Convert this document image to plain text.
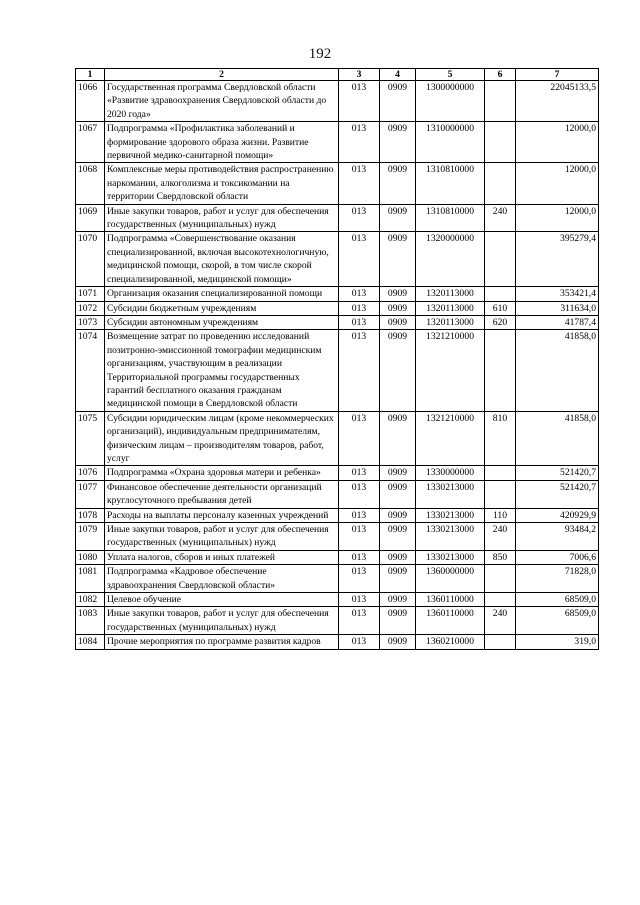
192
1	2	3	4	5	6	7
1066	Государственная программа Свердловской области «Развитие здравоохранения Свердловской области до 2020 года»	013	0909	1300000000		22045133,5
1067	Подпрограмма «Профилактика заболеваний и формирование здорового образа жизни. Развитие первичной медико-санитарной помощи»	013	0909	1310000000		12000,0
1068	Комплексные меры противодействия распространению наркомании, алкоголизма и токсикомании на территории Свердловской области	013	0909	1310810000		12000,0
1069	Иные закупки товаров, работ и услуг для обеспечения государственных (муниципальных) нужд	013	0909	1310810000	240	12000,0
1070	Подпрограмма «Совершенствование оказания специализированной, включая высокотехнологичную, медицинской помощи, скорой, в том числе скорой специализированной, медицинской помощи»	013	0909	1320000000		395279,4
1071	Организация оказания специализированной помощи	013	0909	1320113000		353421,4
1072	Субсидии бюджетным учреждениям	013	0909	1320113000	610	311634,0
1073	Субсидии автономным учреждениям	013	0909	1320113000	620	41787,4
1074	Возмещение затрат по проведению исследований позитронно-эмиссионной томографии медицинским организациям, участвующим в реализации Территориальной программы государственных гарантий бесплатного оказания гражданам медицинской помощи в Свердловской области	013	0909	1321210000		41858,0
1075	Субсидии юридическим лицам (кроме некоммерческих организаций), индивидуальным предпринимателям, физическим лицам – производителям товаров, работ, услуг	013	0909	1321210000	810	41858,0
1076	Подпрограмма «Охрана здоровья матери и ребенка»	013	0909	1330000000		521420,7
1077	Финансовое обеспечение деятельности организаций круглосуточного пребывания детей	013	0909	1330213000		521420,7
1078	Расходы на выплаты персоналу казенных учреждений	013	0909	1330213000	110	420929,9
1079	Иные закупки товаров, работ и услуг для обеспечения государственных (муниципальных) нужд	013	0909	1330213000	240	93484,2
1080	Уплата налогов, сборов и иных платежей	013	0909	1330213000	850	7006,6
1081	Подпрограмма «Кадровое обеспечение здравоохранения Свердловской области»	013	0909	1360000000		71828,0
1082	Целевое обучение	013	0909	1360110000		68509,0
1083	Иные закупки товаров, работ и услуг для обеспечения государственных (муниципальных) нужд	013	0909	1360110000	240	68509,0
1084	Прочие мероприятия по программе развития кадров	013	0909	1360210000		319,0
